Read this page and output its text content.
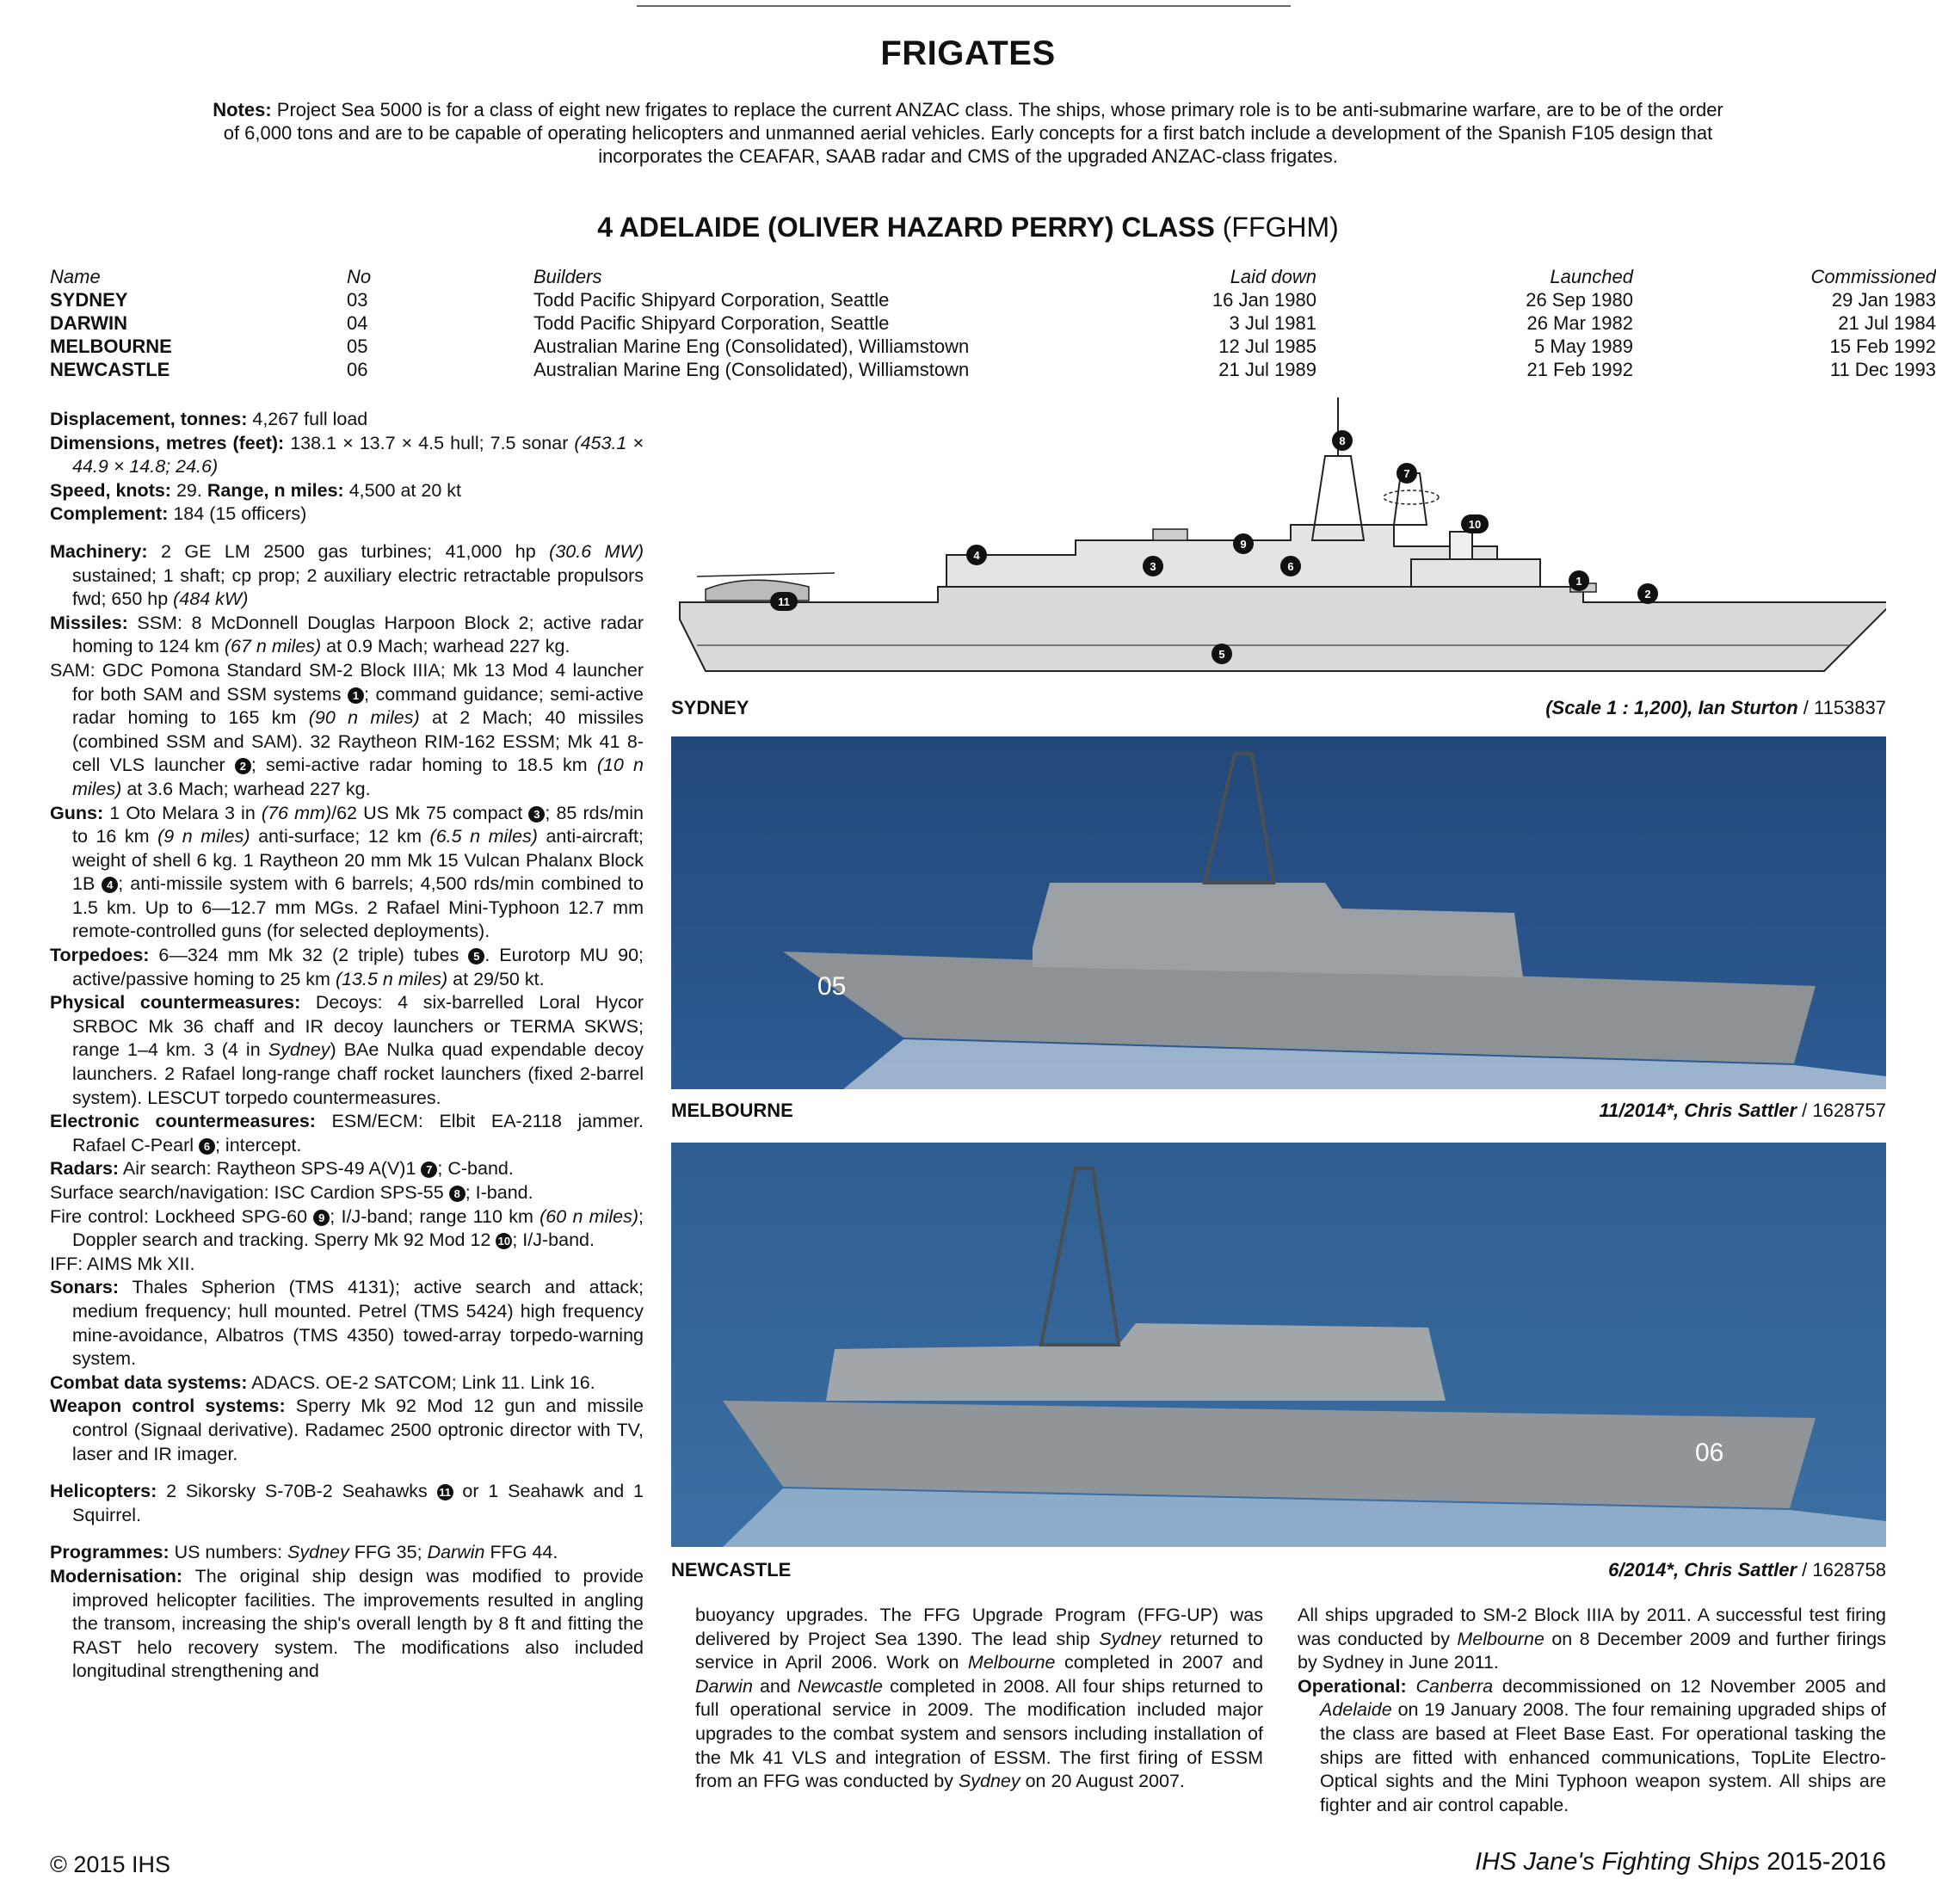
FRIGATES
Notes: Project Sea 5000 is for a class of eight new frigates to replace the current ANZAC class. The ships, whose primary role is to be anti-submarine warfare, are to be of the order of 6,000 tons and are to be capable of operating helicopters and unmanned aerial vehicles. Early concepts for a first batch include a development of the Spanish F105 design that incorporates the CEAFAR, SAAB radar and CMS of the upgraded ANZAC-class frigates.
4 ADELAIDE (OLIVER HAZARD PERRY) CLASS (FFGHM)
Name	No	Builders	Laid down	Launched	Commissioned
SYDNEY	03	Todd Pacific Shipyard Corporation, Seattle	16 Jan 1980	26 Sep 1980	29 Jan 1983
DARWIN	04	Todd Pacific Shipyard Corporation, Seattle	3 Jul 1981	26 Mar 1982	21 Jul 1984
MELBOURNE	05	Australian Marine Eng (Consolidated), Williamstown	12 Jul 1985	5 May 1989	15 Feb 1992
NEWCASTLE	06	Australian Marine Eng (Consolidated), Williamstown	21 Jul 1989	21 Feb 1992	11 Dec 1993

Displacement, tonnes: 4,267 full load

Dimensions, metres (feet): 138.1 × 13.7 × 4.5 hull; 7.5 sonar (453.1 × 44.9 × 14.8; 24.6)

Speed, knots: 29. Range, n miles: 4,500 at 20 kt

Complement: 184 (15 officers)

Machinery: 2 GE LM 2500 gas turbines; 41,000 hp (30.6 MW) sustained; 1 shaft; cp prop; 2 auxiliary electric retractable propulsors fwd; 650 hp (484 kW)

Missiles: SSM: 8 McDonnell Douglas Harpoon Block 2; active radar homing to 124 km (67 n miles) at 0.9 Mach; warhead 227 kg.

SAM: GDC Pomona Standard SM-2 Block IIIA; Mk 13 Mod 4 launcher for both SAM and SSM systems 1 ; command guidance; semi-active radar homing to 165 km (90 n miles) at 2 Mach; 40 missiles (combined SSM and SAM). 32 Raytheon RIM-162 ESSM; Mk 41 8-cell VLS launcher 2 ; semi-active radar homing to 18.5 km (10 n miles) at 3.6 Mach; warhead 227 kg.

Guns: 1 Oto Melara 3 in (76 mm)/62 US Mk 75 compact 3 ; 85 rds/min to 16 km (9 n miles) anti-surface; 12 km (6.5 n miles) anti-aircraft; weight of shell 6 kg. 1 Raytheon 20 mm Mk 15 Vulcan Phalanx Block 1B 4 ; anti-missile system with 6 barrels; 4,500 rds/min combined to 1.5 km. Up to 6—12.7 mm MGs. 2 Rafael Mini-Typhoon 12.7 mm remote-controlled guns (for selected deployments).

Torpedoes: 6—324 mm Mk 32 (2 triple) tubes 5 . Eurotorp MU 90; active/passive homing to 25 km (13.5 n miles) at 29/50 kt.

Physical countermeasures: Decoys: 4 six-barrelled Loral Hycor SRBOC Mk 36 chaff and IR decoy launchers or TERMA SKWS; range 1–4 km. 3 (4 in Sydney) BAe Nulka quad expendable decoy launchers. 2 Rafael long-range chaff rocket launchers (fixed 2-barrel system). LESCUT torpedo countermeasures.

Electronic countermeasures: ESM/ECM: Elbit EA-2118 jammer. Rafael C-Pearl 6 ; intercept.

Radars: Air search: Raytheon SPS-49 A(V)1 7 ; C-band.

Surface search/navigation: ISC Cardion SPS-55 8 ; I-band.

Fire control: Lockheed SPG-60 9 ; I/J-band; range 110 km (60 n miles); Doppler search and tracking. Sperry Mk 92 Mod 12 10 ; I/J-band.

IFF: AIMS Mk XII.

Sonars: Thales Spherion (TMS 4131); active search and attack; medium frequency; hull mounted. Petrel (TMS 5424) high frequency mine-avoidance, Albatros (TMS 4350) towed-array torpedo-warning system.

Combat data systems: ADACS. OE-2 SATCOM; Link 11. Link 16.

Weapon control systems: Sperry Mk 92 Mod 12 gun and missile control (Signaal derivative). Radamec 2500 optronic director with TV, laser and IR imager.

Helicopters: 2 Sikorsky S-70B-2 Seahawks 11 or 1 Seahawk and 1 Squirrel.

Programmes: US numbers: Sydney FFG 35; Darwin FFG 44.

Modernisation: The original ship design was modified to provide improved helicopter facilities. The improvements resulted in angling the transom, increasing the ship's overall length by 8 ft and fitting the RAST helo recovery system. The modifications also included longitudinal strengthening and

1
2
3
4
5
6
7
8
9
10
11
SYDNEY	(Scale 1 : 1,200), Ian Sturton / 1153837
05
MELBOURNE	11/2014*, Chris Sattler / 1628757
06
NEWCASTLE	6/2014*, Chris Sattler / 1628758

buoyancy upgrades. The FFG Upgrade Program (FFG-UP) was delivered by Project Sea 1390. The lead ship Sydney returned to service in April 2006. Work on Melbourne completed in 2007 and Darwin and Newcastle completed in 2008. All four ships returned to full operational service in 2009. The modification included major upgrades to the combat system and sensors including installation of the Mk 41 VLS and integration of ESSM. The first firing of ESSM from an FFG was conducted by Sydney on 20 August 2007.

All ships upgraded to SM-2 Block IIIA by 2011. A successful test firing was conducted by Melbourne on 8 December 2009 and further firings by Sydney in June 2011.

Operational: Canberra decommissioned on 12 November 2005 and Adelaide on 19 January 2008. The four remaining upgraded ships of the class are based at Fleet Base East. For operational tasking the ships are fitted with enhanced communications, TopLite Electro-Optical sights and the Mini Typhoon weapon system. All ships are fighter and air control capable.

© 2015 IHS	IHS Jane's Fighting Ships 2015-2016
